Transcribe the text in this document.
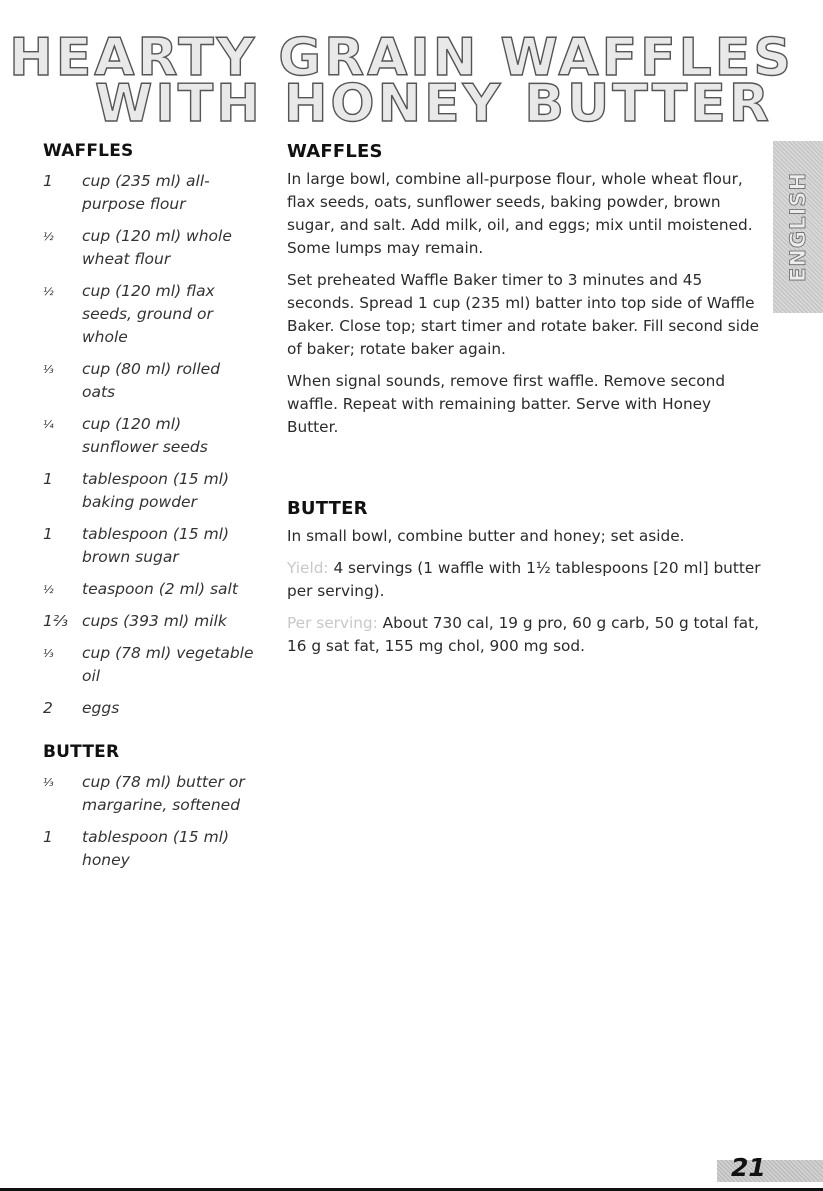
HEARTY GRAIN WAFFLES
WITH HONEY BUTTER
WAFFLES
1	cup (235 ml) all-purpose flour
½	cup (120 ml) whole wheat flour
½	cup (120 ml) flax seeds, ground or whole
⅓	cup (80 ml) rolled oats
¼	cup (120 ml) sunflower seeds
1	tablespoon (15 ml) baking powder
1	tablespoon (15 ml) brown sugar
½	teaspoon (2 ml) salt
1⅔ cups (393 ml) milk
⅓	cup (78 ml) vegetable oil
2	eggs
BUTTER
⅓	cup (78 ml) butter or margarine, softened
1	tablespoon (15 ml) honey
WAFFLES

In large bowl, combine all-purpose flour, whole wheat flour, flax seeds, oats, sunflower seeds, baking powder, brown sugar, and salt. Add milk, oil, and eggs; mix until moistened. Some lumps may remain.

Set preheated Waffle Baker timer to 3 minutes and 45 seconds. Spread 1 cup (235 ml) batter into top side of Waffle Baker. Close top; start timer and rotate baker. Fill second side of baker; rotate baker again.

When signal sounds, remove first waffle. Remove second waffle. Repeat with remaining batter. Serve with Honey Butter.

BUTTER

In small bowl, combine butter and honey; set aside.

Yield: 4 servings (1 waffle with 1½ tablespoons [20 ml] butter per serving).

Per serving: About 730 cal, 19 g pro, 60 g carb, 50 g total fat, 16 g sat fat, 155 mg chol, 900 mg sod.

ENGLISH
21
